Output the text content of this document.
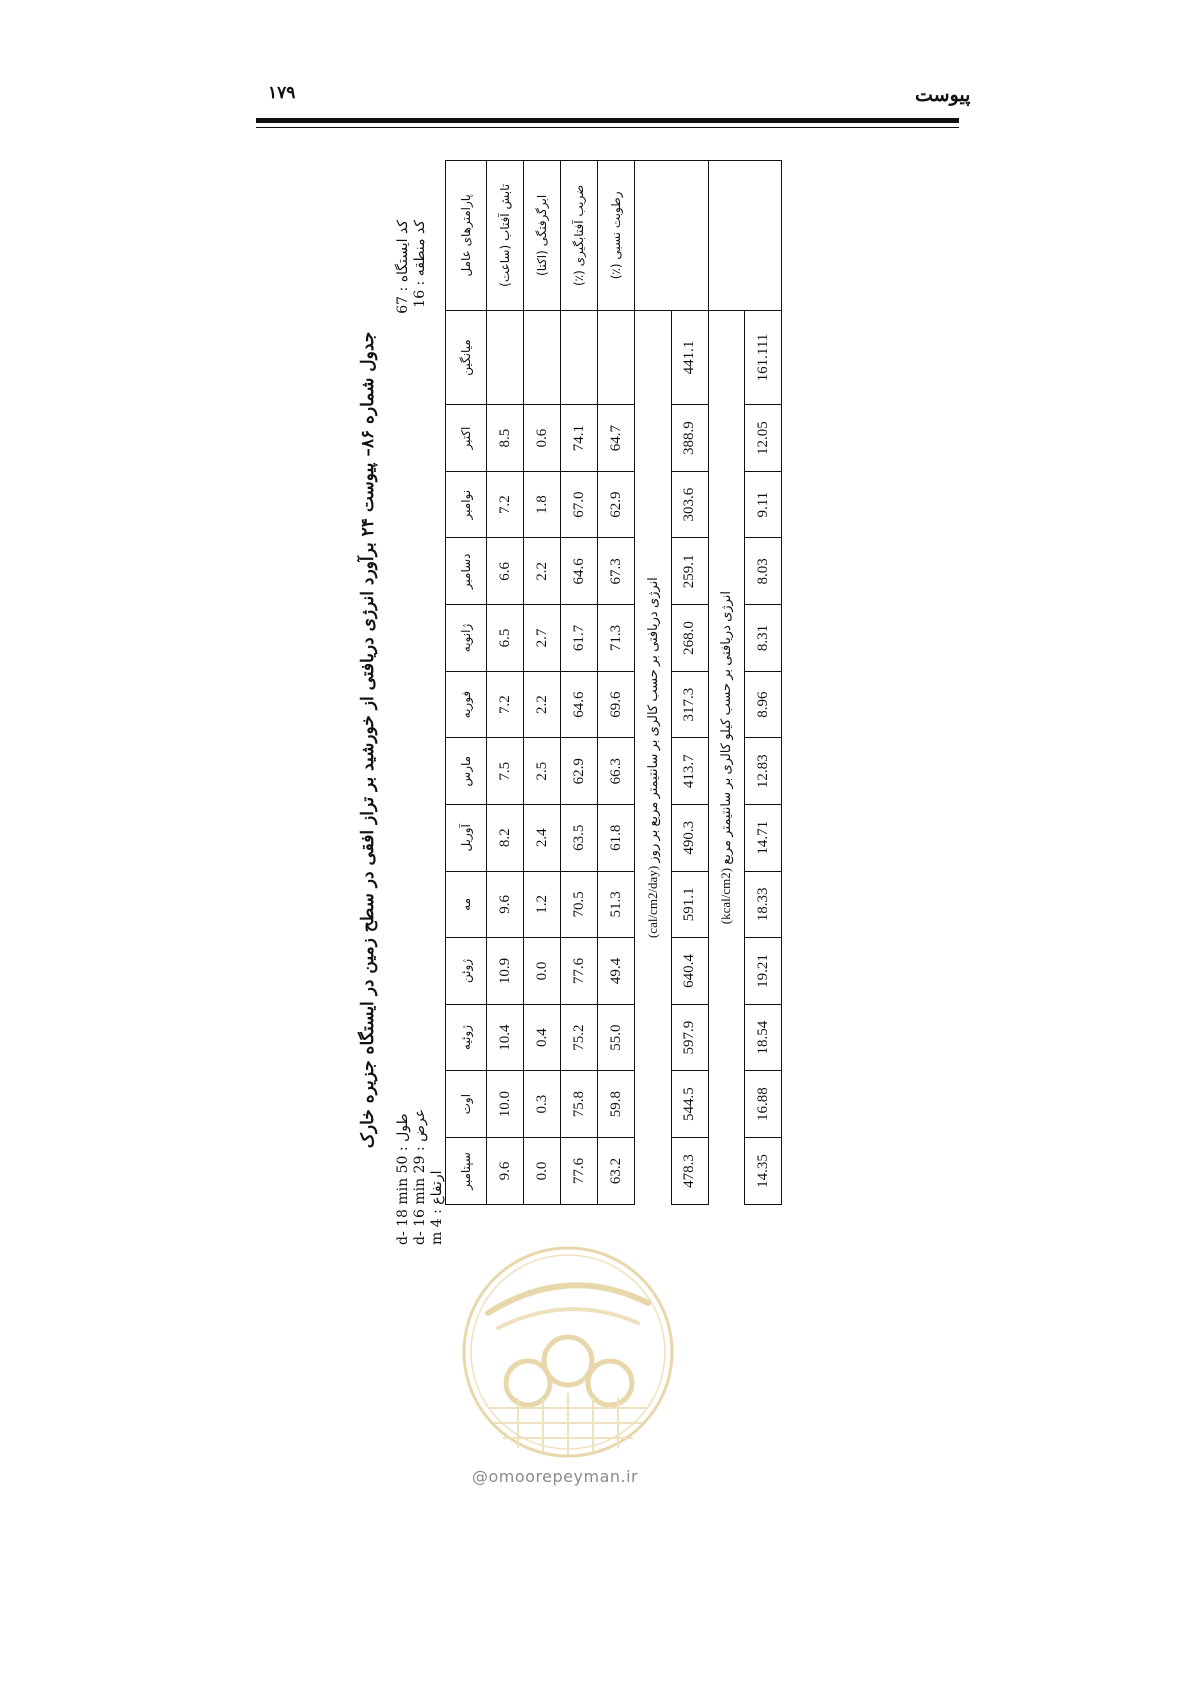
۱۷۹	پیوست
جدول شماره ۸۶– پیوست ۲۴ برآورد انرژی دریافتی از خورشید بر تراز افقی در سطح زمین در ایستگاه جزیره خارک
طول : 50 d- 18 min
عرض : 29 d- 16 min
ارتفاع : 4 m
کد ایستگاه : 67
کد منطقه : 16	پارامترهای عامل	میانگین	اکتبر	نوامبر	دسامبر	ژانویه	فوریه	مارس	آوریل	مه	ژوئن	ژوئیه	اوت	سپتامبر
تابش آفتاب (ساعت)		8.5	7.2	6.6	6.5	7.2	7.5	8.2	9.6	10.9	10.4	10.0	9.6
ابرگرفتگی (اکتا)		0.6	1.8	2.2	2.7	2.2	2.5	2.4	1.2	0.0	0.4	0.3	0.0
ضریب آفتابگیری (٪)		74.1	67.0	64.6	61.7	64.6	62.9	63.5	70.5	77.6	75.2	75.8	77.6
رطوبت نسبی (٪)		64.7	62.9	67.3	71.3	69.6	66.3	61.8	51.3	49.4	55.0	59.8	63.2
	انرژی دریافتی بر حسب کالری بر سانتیمتر مربع بر روز (cal/cm2/day)												
	441.1	388.9	303.6	259.1	268.0	317.3	413.7	490.3	591.1	640.4	597.9	544.5	478.3
	انرژی دریافتی بر حسب کیلو کالری بر سانتیمتر مربع (kcal/cm2)												
	161.111	12.05	9.11	8.03	8.31	8.96	12.83	14.71	18.33	19.21	18.54	16.88	14.35
@omoorepeyman.ir
